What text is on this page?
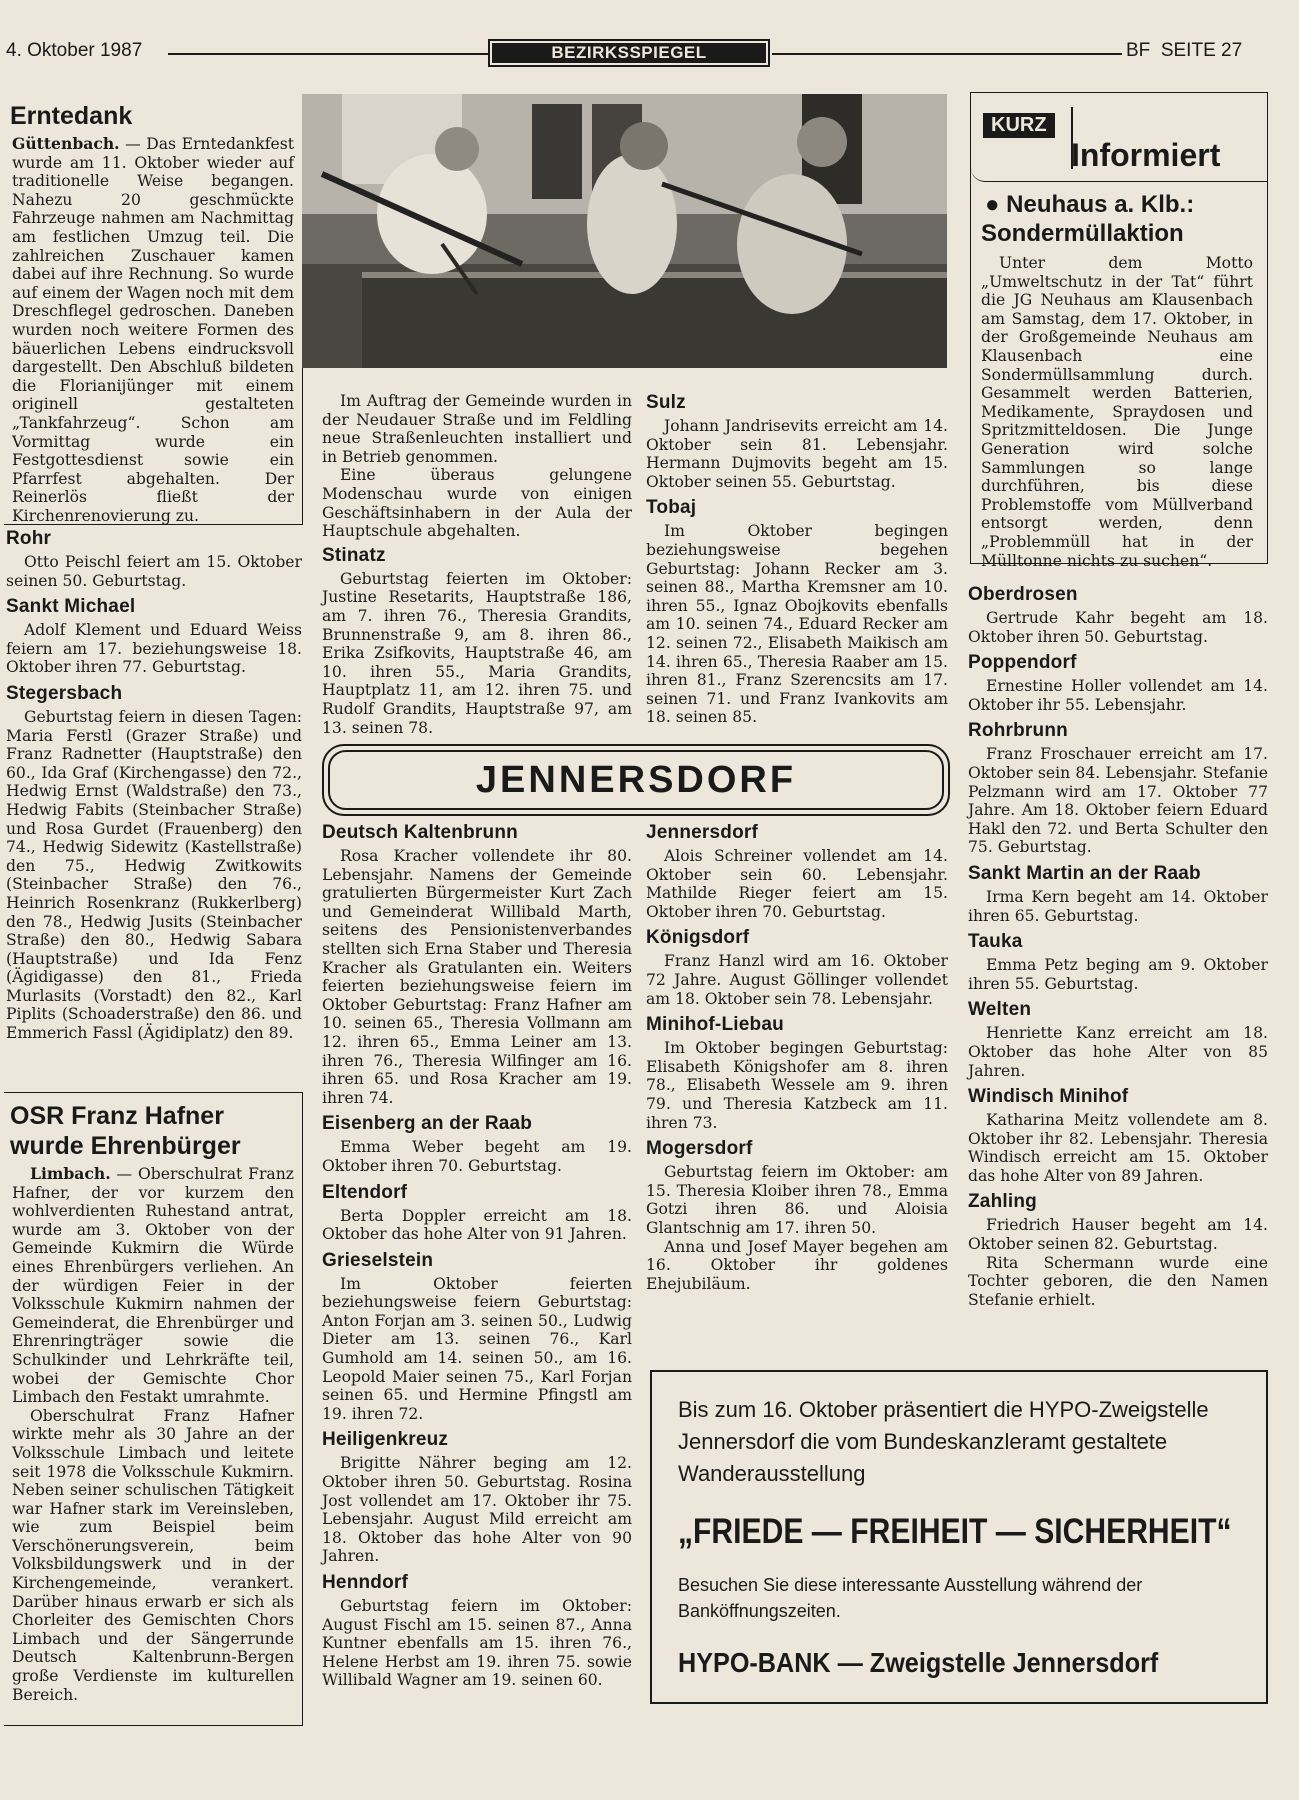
4. Oktober 1987	BEZIRKSSPIEGEL	BF  SEITE 27
Erntedank

Güttenbach. — Das Erntedankfest wurde am 11. Oktober wieder auf traditionelle Weise begangen. Nahezu 20 geschmückte Fahrzeuge nahmen am Nachmittag am festlichen Umzug teil. Die zahlreichen Zuschauer kamen dabei auf ihre Rechnung. So wurde auf einem der Wagen noch mit dem Dreschflegel gedroschen. Daneben wurden noch weitere Formen des bäuerlichen Lebens eindrucksvoll dargestellt. Den Abschluß bildeten die Florianijünger mit einem originell gestalteten „Tankfahrzeug“. Schon am Vormittag wurde ein Festgottesdienst sowie ein Pfarrfest abgehalten. Der Reinerlös fließt der Kirchenrenovierung zu.

Rohr

Otto Peischl feiert am 15. Oktober seinen 50. Geburtstag.

Sankt Michael

Adolf Klement und Eduard Weiss feiern am 17. beziehungsweise 18. Oktober ihren 77. Geburtstag.

Stegersbach

Geburtstag feiern in diesen Tagen: Maria Ferstl (Grazer Straße) und Franz Radnetter (Hauptstraße) den 60., Ida Graf (Kirchengasse) den 72., Hedwig Ernst (Waldstraße) den 73., Hedwig Fabits (Steinbacher Straße) und Rosa Gurdet (Frauenberg) den 74., Hedwig Sidewitz (Kastellstraße) den 75., Hedwig Zwitkowits (Steinbacher Straße) den 76., Heinrich Rosenkranz (Rukkerlberg) den 78., Hedwig Jusits (Steinbacher Straße) den 80., Hedwig Sabara (Hauptstraße) und Ida Fenz (Ägidigasse) den 81., Frieda Murlasits (Vorstadt) den 82., Karl Piplits (Schoaderstraße) den 86. und Emmerich Fassl (Ägidiplatz) den 89.

OSR Franz Hafner
wurde Ehrenbürger

Limbach. — Oberschulrat Franz Hafner, der vor kurzem den wohlverdienten Ruhestand antrat, wurde am 3. Oktober von der Gemeinde Kukmirn die Würde eines Ehrenbürgers verliehen. An der würdigen Feier in der Volksschule Kukmirn nahmen der Gemeinderat, die Ehrenbürger und Ehrenringträger sowie die Schulkinder und Lehrkräfte teil, wobei der Gemischte Chor Limbach den Festakt umrahmte.

Oberschulrat Franz Hafner wirkte mehr als 30 Jahre an der Volksschule Limbach und leitete seit 1978 die Volksschule Kukmirn. Neben seiner schulischen Tätigkeit war Hafner stark im Vereinsleben, wie zum Beispiel beim Verschönerungsverein, beim Volksbildungswerk und in der Kirchengemeinde, verankert. Darüber hinaus erwarb er sich als Chorleiter des Gemischten Chors Limbach und der Sängerrunde Deutsch Kaltenbrunn-Bergen große Verdienste im kulturellen Bereich.

Im Auftrag der Gemeinde wurden in der Neudauer Straße und im Feldling neue Straßenleuchten installiert und in Betrieb genommen.

Eine überaus gelungene Modenschau wurde von einigen Geschäftsinhabern in der Aula der Hauptschule abgehalten.

Stinatz

Geburtstag feierten im Oktober: Justine Resetarits, Hauptstraße 186, am 7. ihren 76., Theresia Grandits, Brunnenstraße 9, am 8. ihren 86., Erika Zsifkovits, Hauptstraße 46, am 10. ihren 55., Maria Grandits, Hauptplatz 11, am 12. ihren 75. und Rudolf Grandits, Hauptstraße 97, am 13. seinen 78.

Sulz

Johann Jandrisevits erreicht am 14. Oktober sein 81. Lebensjahr. Hermann Dujmovits begeht am 15. Oktober seinen 55. Geburtstag.

Tobaj

Im Oktober begingen beziehungsweise begehen Geburtstag: Johann Recker am 3. seinen 88., Martha Kremsner am 10. ihren 55., Ignaz Obojkovits ebenfalls am 10. seinen 74., Eduard Recker am 12. seinen 72., Elisabeth Maikisch am 14. ihren 65., Theresia Raaber am 15. ihren 81., Franz Szerencsits am 17. seinen 71. und Franz Ivankovits am 18. seinen 85.

KURZ
Informiert
● Neuhaus a. Klb.:
Sondermüllaktion

Unter dem Motto „Umweltschutz in der Tat“ führt die JG Neuhaus am Klausenbach am Samstag, dem 17. Oktober, in der Großgemeinde Neuhaus am Klausenbach eine Sondermüllsammlung durch. Gesammelt werden Batterien, Medikamente, Spraydosen und Spritzmitteldosen. Die Junge Generation wird solche Sammlungen so lange durchführen, bis diese Problemstoffe vom Müllverband entsorgt werden, denn „Problemmüll hat in der Mülltonne nichts zu suchen“.

Oberdrosen

Gertrude Kahr begeht am 18. Oktober ihren 50. Geburtstag.

Poppendorf

Ernestine Holler vollendet am 14. Oktober ihr 55. Lebensjahr.

Rohrbrunn

Franz Froschauer erreicht am 17. Oktober sein 84. Lebensjahr. Stefanie Pelzmann wird am 17. Oktober 77 Jahre. Am 18. Oktober feiern Eduard Hakl den 72. und Berta Schulter den 75. Geburtstag.

Sankt Martin an der Raab

Irma Kern begeht am 14. Oktober ihren 65. Geburtstag.

Tauka

Emma Petz beging am 9. Oktober ihren 55. Geburtstag.

Welten

Henriette Kanz erreicht am 18. Oktober das hohe Alter von 85 Jahren.

Windisch Minihof

Katharina Meitz vollendete am 8. Oktober ihr 82. Lebensjahr. Theresia Windisch erreicht am 15. Oktober das hohe Alter von 89 Jahren.

Zahling

Friedrich Hauser begeht am 14. Oktober seinen 82. Geburtstag.

Rita Schermann wurde eine Tochter geboren, die den Namen Stefanie erhielt.

JENNERSDORF
Deutsch Kaltenbrunn

Rosa Kracher vollendete ihr 80. Lebensjahr. Namens der Gemeinde gratulierten Bürgermeister Kurt Zach und Gemeinderat Willibald Marth, seitens des Pensionistenverbandes stellten sich Erna Staber und Theresia Kracher als Gratulanten ein. Weiters feierten beziehungsweise feiern im Oktober Geburtstag: Franz Hafner am 10. seinen 65., Theresia Vollmann am 12. ihren 65., Emma Leiner am 13. ihren 76., Theresia Wilfinger am 16. ihren 65. und Rosa Kracher am 19. ihren 74.

Eisenberg an der Raab

Emma Weber begeht am 19. Oktober ihren 70. Geburtstag.

Eltendorf

Berta Doppler erreicht am 18. Oktober das hohe Alter von 91 Jahren.

Grieselstein

Im Oktober feierten beziehungsweise feiern Geburtstag: Anton Forjan am 3. seinen 50., Ludwig Dieter am 13. seinen 76., Karl Gumhold am 14. seinen 50., am 16. Leopold Maier seinen 75., Karl Forjan seinen 65. und Hermine Pfingstl am 19. ihren 72.

Heiligenkreuz

Brigitte Nährer beging am 12. Oktober ihren 50. Geburtstag. Rosina Jost vollendet am 17. Oktober ihr 75. Lebensjahr. August Mild erreicht am 18. Oktober das hohe Alter von 90 Jahren.

Henndorf

Geburtstag feiern im Oktober: August Fischl am 15. seinen 87., Anna Kuntner ebenfalls am 15. ihren 76., Helene Herbst am 19. ihren 75. sowie Willibald Wagner am 19. seinen 60.

Jennersdorf

Alois Schreiner vollendet am 14. Oktober sein 60. Lebensjahr. Mathilde Rieger feiert am 15. Oktober ihren 70. Geburtstag.

Königsdorf

Franz Hanzl wird am 16. Oktober 72 Jahre. August Göllinger vollendet am 18. Oktober sein 78. Lebensjahr.

Minihof-Liebau

Im Oktober begingen Geburtstag: Elisabeth Königshofer am 8. ihren 78., Elisabeth Wessele am 9. ihren 79. und Theresia Katzbeck am 11. ihren 73.

Mogersdorf

Geburtstag feiern im Oktober: am 15. Theresia Kloiber ihren 78., Emma Gotzi ihren 86. und Aloisia Glantschnig am 17. ihren 50.

Anna und Josef Mayer begehen am 16. Oktober ihr goldenes Ehejubiläum.

Bis zum 16. Oktober präsentiert die HYPO-Zweigstelle Jennersdorf die vom Bundeskanzleramt gestaltete Wanderausstellung
„FRIEDE — FREIHEIT — SICHERHEIT“
Besuchen Sie diese interessante Ausstellung während der Banköffnungszeiten.
HYPO-BANK — Zweigstelle Jennersdorf
